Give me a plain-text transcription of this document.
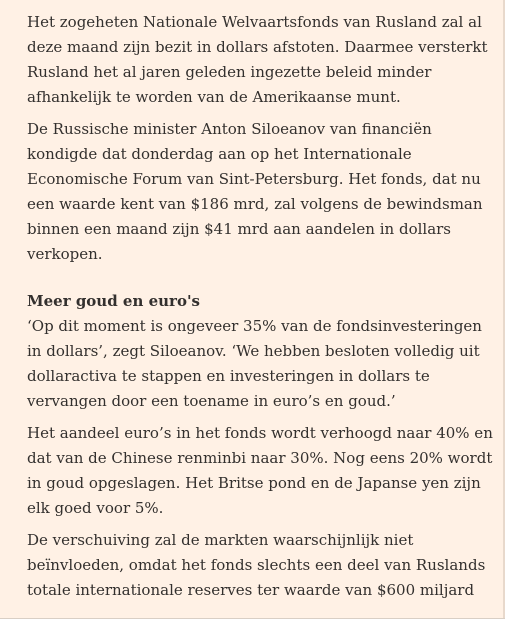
Het zogeheten Nationale Welvaartsfonds van Rusland zal al deze maand zijn bezit in dollars afstoten. Daarmee versterkt Rusland het al jaren geleden ingezette beleid minder afhankelijk te worden van de Amerikaanse munt.

De Russische minister Anton Siloeanov van financiën kondigde dat donderdag aan op het Internationale Economische Forum van Sint-Petersburg. Het fonds, dat nu een waarde kent van $186 mrd, zal volgens de bewindsman binnen een maand zijn $41 mrd aan aandelen in dollars verkopen.

Meer goud en euro's

‘Op dit moment is ongeveer 35% van de fondsinvesteringen in dollars’, zegt Siloeanov. ‘We hebben besloten volledig uit dollaractiva te stappen en investeringen in dollars te vervangen door een toename in euro’s en goud.’

Het aandeel euro’s in het fonds wordt verhoogd naar 40% en dat van de Chinese renminbi naar 30%. Nog eens 20% wordt in goud opgeslagen. Het Britse pond en de Japanse yen zijn elk goed voor 5%.

De verschuiving zal de markten waarschijnlijk niet beïnvloeden, omdat het fonds slechts een deel van Ruslands totale internationale reserves ter waarde van $600 miljard
